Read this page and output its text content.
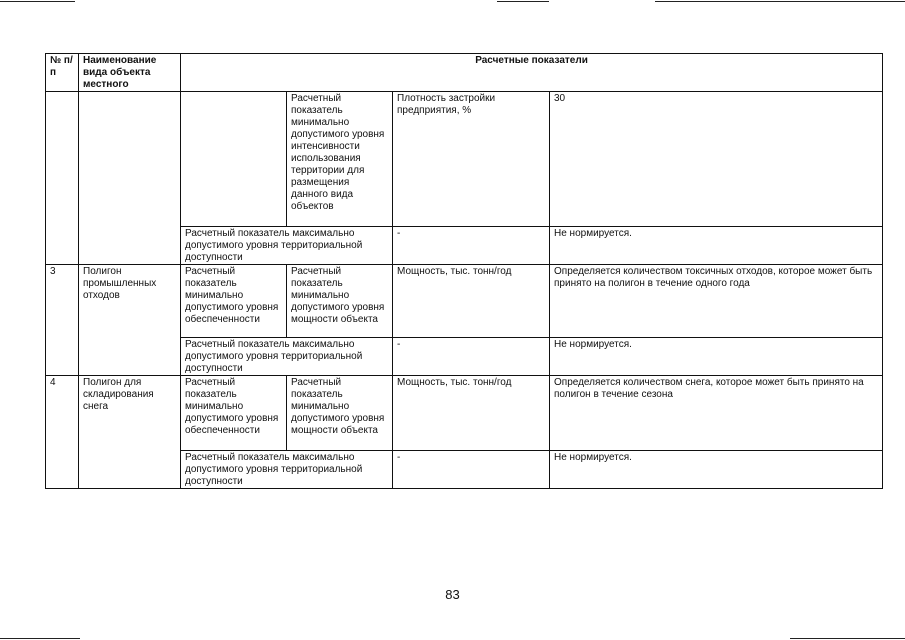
№ п/п	Наименование вида объекта местного	Расчетные показатели			
			Расчетный показатель минимально допустимого уровня интенсивности использования территории для размещения данного вида объектов	Плотность застройки предприятия, %	30
		Расчетный показатель максимально допустимого уровня территориальной доступности		-	Не нормируется.
3	Полигон промышленных отходов	Расчетный показатель минимально допустимого уровня обеспеченности	Расчетный показатель минимально допустимого уровня мощности объекта	Мощность, тыс. тонн/год	Определяется количеством токсичных отходов, которое может быть принято на полигон в течение одного года
		Расчетный показатель максимально допустимого уровня территориальной доступности		-	Не нормируется.
4	Полигон для складирования снега	Расчетный показатель минимально допустимого уровня обеспеченности	Расчетный показатель минимально допустимого уровня мощности объекта	Мощность, тыс. тонн/год	Определяется количеством снега, которое может быть принято на полигон в течение сезона
		Расчетный показатель максимально допустимого уровня территориальной доступности		-	Не нормируется.
83
